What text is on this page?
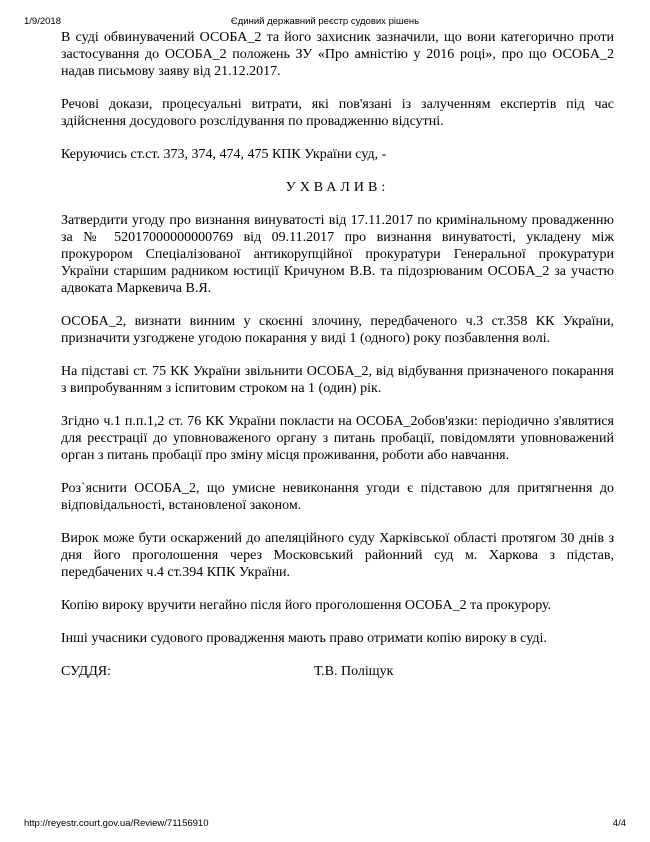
1/9/2018	Єдиний державний реєстр судових рішень

В суді обвинувачений ОСОБА_2 та його захисник зазначили, що вони категорично проти застосування до ОСОБА_2 положень ЗУ «Про амністію у 2016 році», про що ОСОБА_2 надав письмову заяву від 21.12.2017.

Речові докази, процесуальні витрати, які пов'язані із залученням експертів під час здійснення досудового розслідування по провадженню відсутні.

Керуючись ст.ст. 373, 374, 474, 475 КПК України суд, -

УХВАЛИВ:

Затвердити угоду про визнання винуватості від 17.11.2017 по кримінальному провадженню за № 52017000000000769 від 09.11.2017 про визнання винуватості, укладену між прокурором Спеціалізованої антикорупційної прокуратури Генеральної прокуратури України старшим радником юстиції Кричуном В.В. та підозрюваним ОСОБА_2 за участю адвоката Маркевича В.Я.

ОСОБА_2, визнати винним у скоєнні злочину, передбаченого ч.3 ст.358 КК України, призначити узгоджене угодою покарання у виді 1 (одного) року позбавлення волі.

На підставі ст. 75 КК України звільнити ОСОБА_2, від відбування призначеного покарання з випробуванням з іспитовим строком на 1 (один) рік.

Згідно ч.1 п.п.1,2 ст. 76 КК України покласти на ОСОБА_2обов'язки: періодично з'являтися для реєстрації до уповноваженого органу з питань пробації, повідомляти уповноважений орган з питань пробації про зміну місця проживання, роботи або навчання.

Роз`яснити ОСОБА_2, що умисне невиконання угоди є підставою для притягнення до відповідальності, встановленої законом.

Вирок може бути оскаржений до апеляційного суду Харківської області протягом 30 днів з дня його проголошення через Московський районний суд м. Харкова з підстав, передбачених ч.4 ст.394 КПК України.

Копію вироку вручити негайно після його проголошення ОСОБА_2 та прокурору.

Інші учасники судового провадження мають право отримати копію вироку в суді.

СУДДЯ:	Т.В. Поліщук
http://reyestr.court.gov.ua/Review/71156910	4/4
